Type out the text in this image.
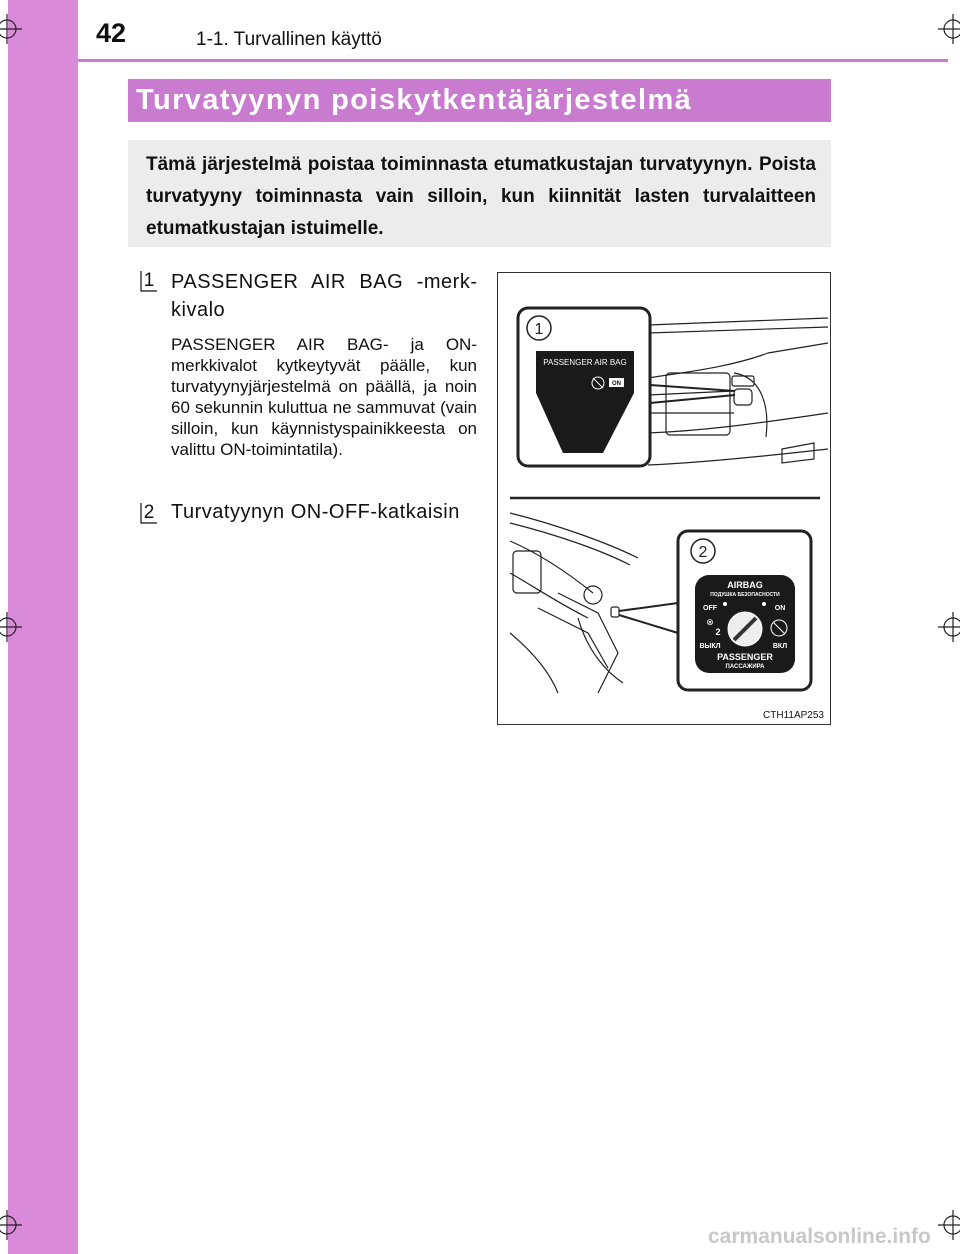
42	1-1. Turvallinen käyttö
Turvatyynyn poiskytkentäjärjestelmä
Tämä järjestelmä poistaa toiminnasta etumatkustajan turvatyynyn. Poista turvatyyny toiminnasta vain silloin, kun kiinnität lasten turvalaitteen etumatkustajan istuimelle.
1 PASSENGER AIR BAG -merkkivalo
PASSENGER AIR BAG- ja ON-merkkivalot kytkeytyvät päälle, kun turvatyynyjärjestelmä on päällä, ja noin 60 sekunnin kuluttua ne sammuvat (vain silloin, kun käynnistyspainikkeesta on valittu ON-toimintatila).
2 Turvatyynyn ON-OFF-katkaisin
1
PASSENGER AIR BAG
ON
2
AIRBAG
ПОДУШКА БЕЗОПАСНОСТИ
OFF	ON
⊗
2
ВЫКЛ	ВКЛ
PASSENGER
ПАССАЖИРА
CTH11AP253
carmanualsonline.info
